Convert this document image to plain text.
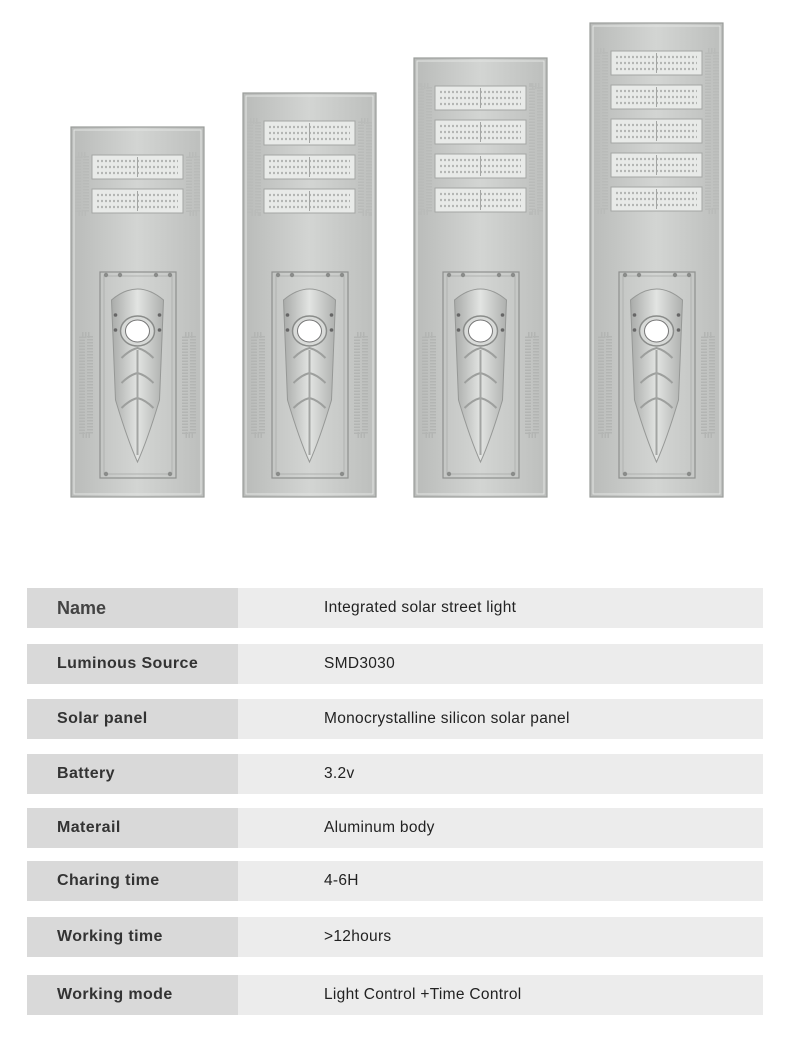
Name	Integrated solar street light
Luminous Source	SMD3030
Solar panel	Monocrystalline silicon solar panel
Battery	3.2v
Materail	Aluminum body
Charing time	4-6H
Working time	>12hours
Working mode	Light Control +Time Control
